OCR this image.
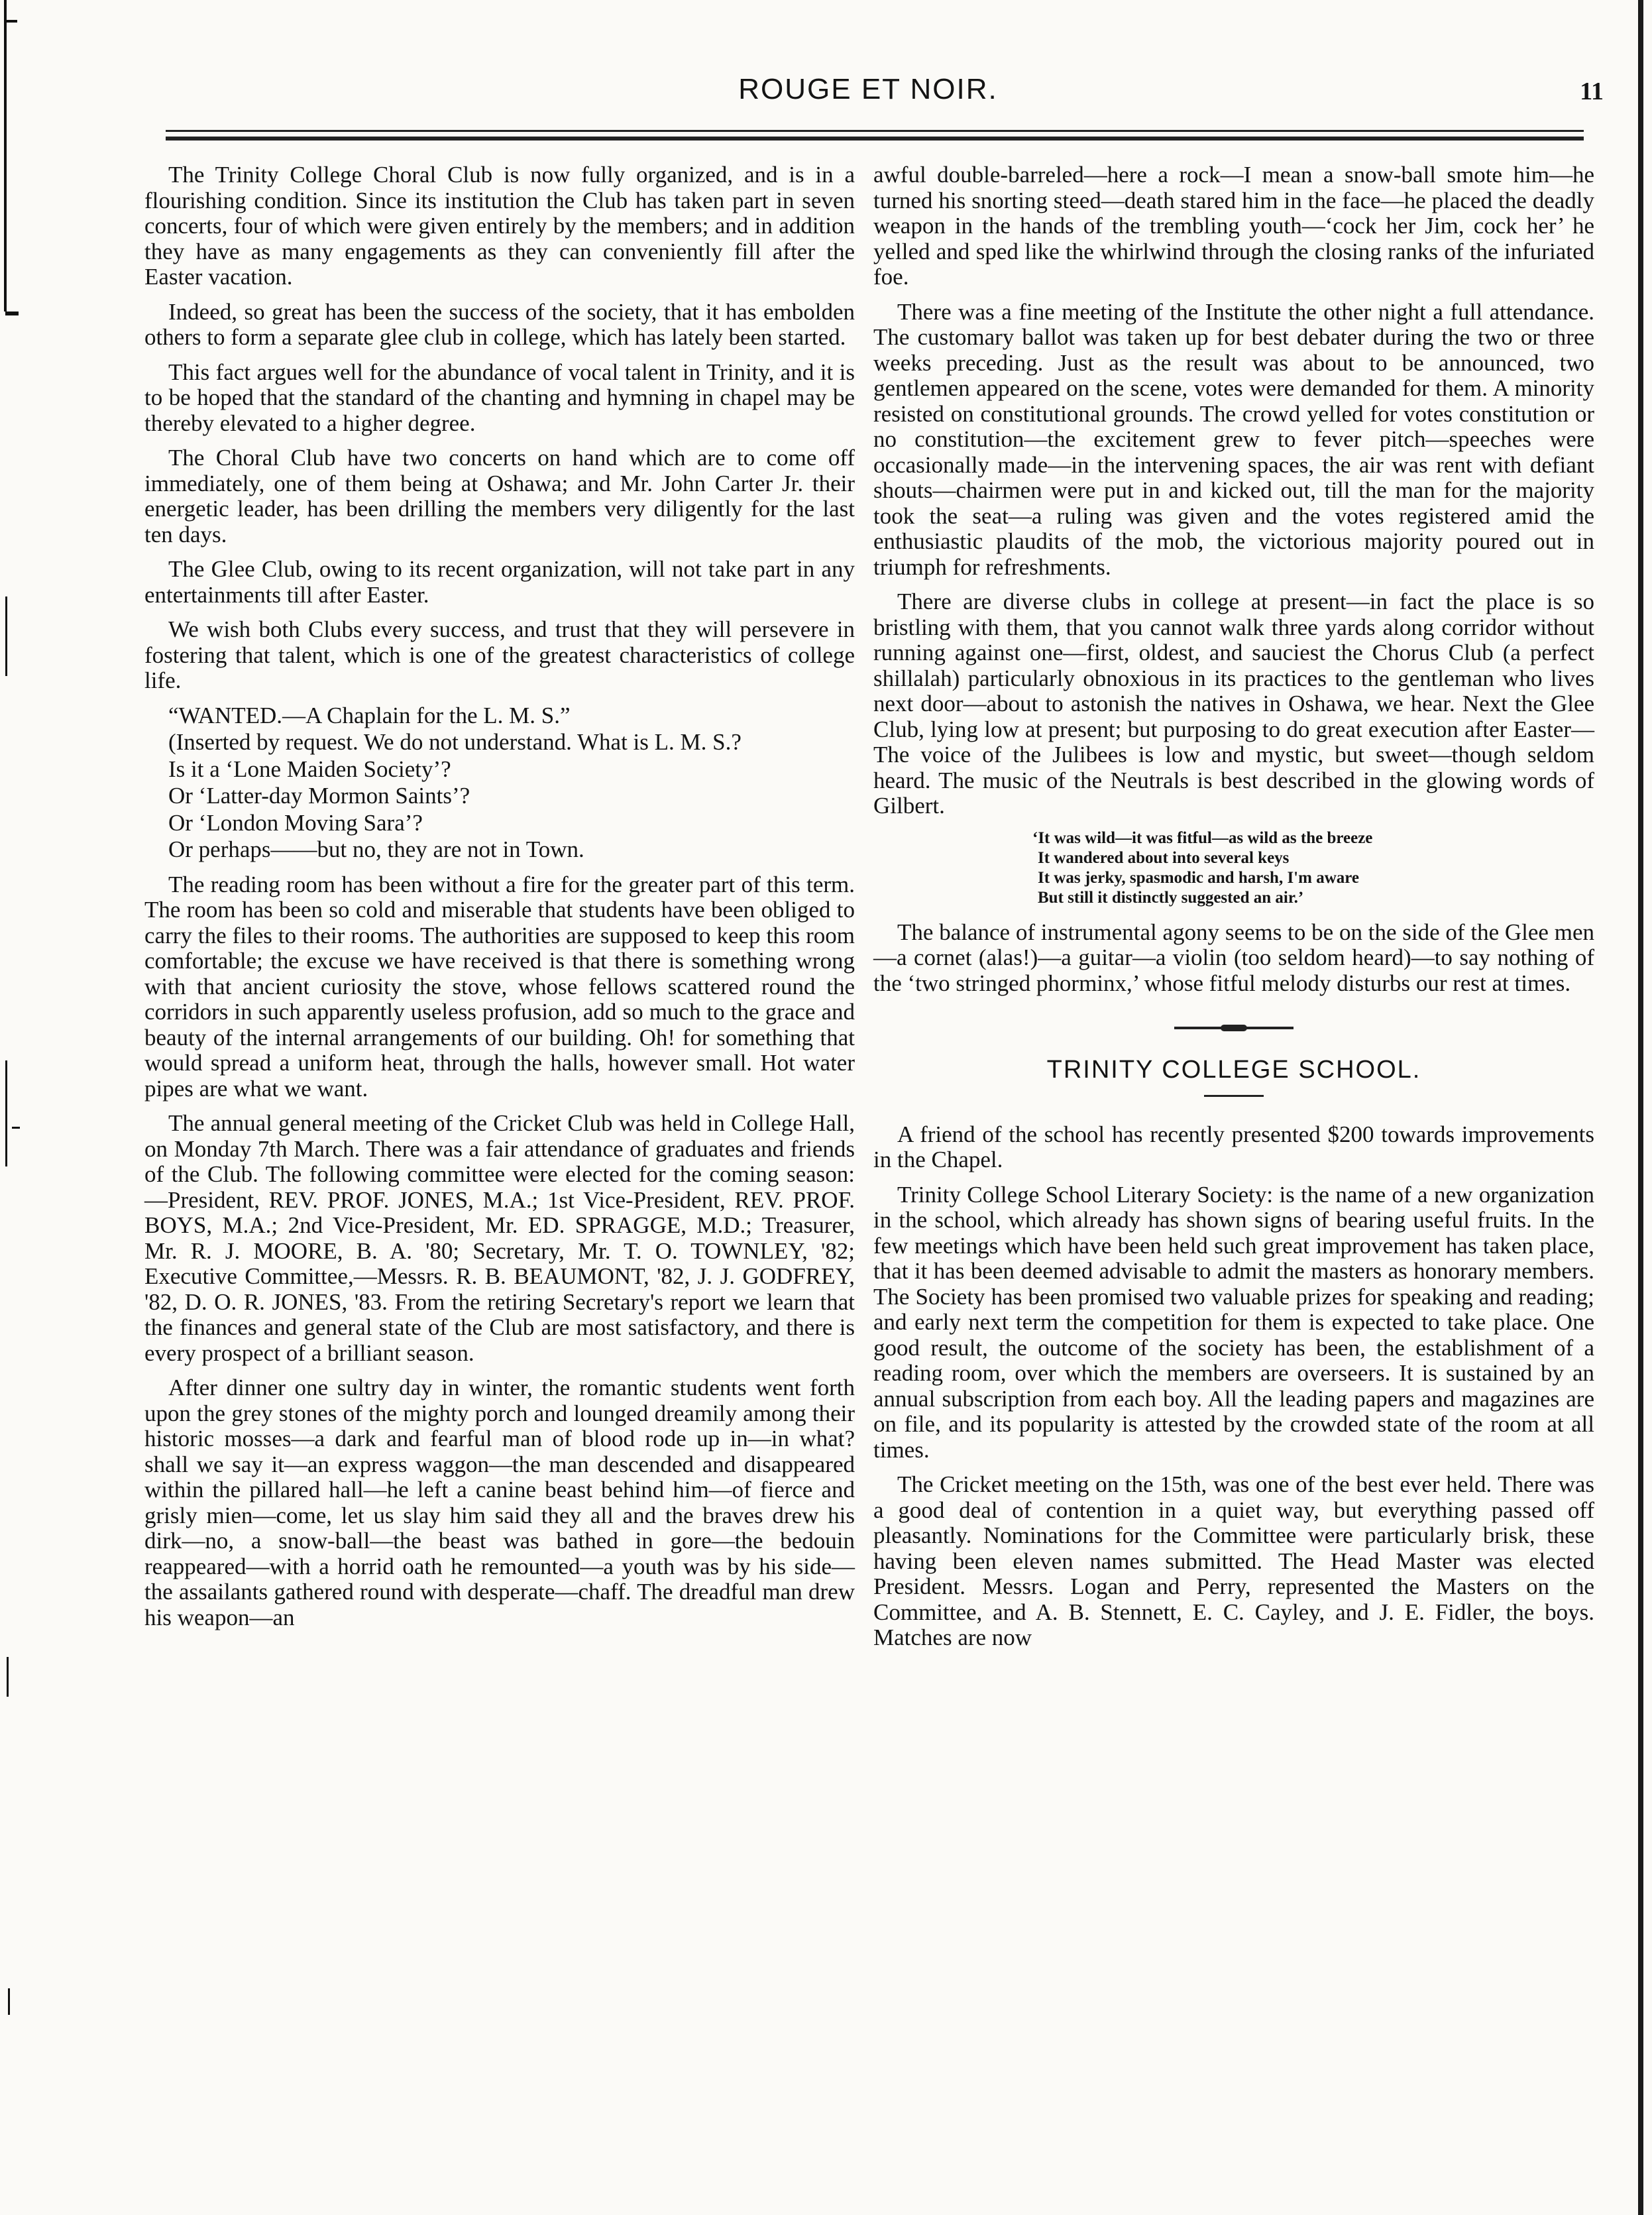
ROUGE ET NOIR.	11

The Trinity College Choral Club is now fully organized, and is in a flourishing condition. Since its institution the Club has taken part in seven concerts, four of which were given entirely by the members; and in addition they have as many engagements as they can conveniently fill after the Easter vacation.

Indeed, so great has been the success of the society, that it has embolden others to form a separate glee club in college, which has lately been started.

This fact argues well for the abundance of vocal talent in Trinity, and it is to be hoped that the standard of the chanting and hymning in chapel may be thereby elevated to a higher degree.

The Choral Club have two concerts on hand which are to come off immediately, one of them being at Oshawa; and Mr. John Carter Jr. their energetic leader, has been drilling the members very diligently for the last ten days.

The Glee Club, owing to its recent organization, will not take part in any entertainments till after Easter.

We wish both Clubs every success, and trust that they will persevere in fostering that talent, which is one of the greatest characteristics of college life.

“WANTED.—A Chaplain for the L. M. S.”

(Inserted by request. We do not understand. What is L. M. S.?

Is it a ‘Lone Maiden Society’?

Or ‘Latter-day Mormon Saints’?

Or ‘London Moving Sara’?

Or perhaps——but no, they are not in Town.

The reading room has been without a fire for the greater part of this term. The room has been so cold and miserable that students have been obliged to carry the files to their rooms. The authorities are supposed to keep this room comfortable; the excuse we have received is that there is something wrong with that ancient curiosity the stove, whose fellows scattered round the corridors in such apparently useless profusion, add so much to the grace and beauty of the internal arrangements of our building. Oh! for something that would spread a uniform heat, through the halls, however small. Hot water pipes are what we want.

The annual general meeting of the Cricket Club was held in College Hall, on Monday 7th March. There was a fair attendance of graduates and friends of the Club. The following committee were elected for the coming season:—President, REV. PROF. JONES, M.A.; 1st Vice-President, REV. PROF. BOYS, M.A.; 2nd Vice-President, Mr. ED. SPRAGGE, M.D.; Treasurer, Mr. R. J. MOORE, B. A. '80; Secretary, Mr. T. O. TOWNLEY, '82; Executive Committee,—Messrs. R. B. BEAUMONT, '82, J. J. GODFREY, '82, D. O. R. JONES, '83. From the retiring Secretary's report we learn that the finances and general state of the Club are most satisfactory, and there is every prospect of a brilliant season.

After dinner one sultry day in winter, the romantic students went forth upon the grey stones of the mighty porch and lounged dreamily among their historic mosses—a dark and fearful man of blood rode up in—in what? shall we say it—an express waggon—the man descended and disappeared within the pillared hall—he left a canine beast behind him—of fierce and grisly mien—come, let us slay him said they all and the braves drew his dirk—no, a snow-ball—the beast was bathed in gore—the bedouin reappeared—with a horrid oath he remounted—a youth was by his side—the assailants gathered round with desperate—chaff. The dreadful man drew his weapon—an

awful double-barreled—here a rock—I mean a snow-ball smote him—he turned his snorting steed—death stared him in the face—he placed the deadly weapon in the hands of the trembling youth—‘cock her Jim, cock her’ he yelled and sped like the whirlwind through the closing ranks of the infuriated foe.

There was a fine meeting of the Institute the other night a full attendance. The customary ballot was taken up for best debater during the two or three weeks preceding. Just as the result was about to be announced, two gentlemen appeared on the scene, votes were demanded for them. A minority resisted on constitutional grounds. The crowd yelled for votes constitution or no constitution—the excitement grew to fever pitch—speeches were occasionally made—in the intervening spaces, the air was rent with defiant shouts—chairmen were put in and kicked out, till the man for the majority took the seat—a ruling was given and the votes registered amid the enthusiastic plaudits of the mob, the victorious majority poured out in triumph for refreshments.

There are diverse clubs in college at present—in fact the place is so bristling with them, that you cannot walk three yards along corridor without running against one—first, oldest, and sauciest the Chorus Club (a perfect shillalah) particularly obnoxious in its practices to the gentleman who lives next door—about to astonish the natives in Oshawa, we hear. Next the Glee Club, lying low at present; but purposing to do great execution after Easter—The voice of the Julibees is low and mystic, but sweet—though seldom heard. The music of the Neutrals is best described in the glowing words of Gilbert.

‘It was wild—it was fitful—as wild as the breeze
It wandered about into several keys
It was jerky, spasmodic and harsh, I'm aware
But still it distinctly suggested an air.’

The balance of instrumental agony seems to be on the side of the Glee men—a cornet (alas!)—a guitar—a violin (too seldom heard)—to say nothing of the ‘two stringed phorminx,’ whose fitful melody disturbs our rest at times.

TRINITY COLLEGE SCHOOL.

A friend of the school has recently presented $200 towards improvements in the Chapel.

Trinity College School Literary Society: is the name of a new organization in the school, which already has shown signs of bearing useful fruits. In the few meetings which have been held such great improvement has taken place, that it has been deemed advisable to admit the masters as honorary members. The Society has been promised two valuable prizes for speaking and reading; and early next term the competition for them is expected to take place. One good result, the outcome of the society has been, the establishment of a reading room, over which the members are overseers. It is sustained by an annual subscription from each boy. All the leading papers and magazines are on file, and its popularity is attested by the crowded state of the room at all times.

The Cricket meeting on the 15th, was one of the best ever held. There was a good deal of contention in a quiet way, but everything passed off pleasantly. Nominations for the Committee were particularly brisk, these having been eleven names submitted. The Head Master was elected President. Messrs. Logan and Perry, represented the Masters on the Committee, and A. B. Stennett, E. C. Cayley, and J. E. Fidler, the boys. Matches are now
